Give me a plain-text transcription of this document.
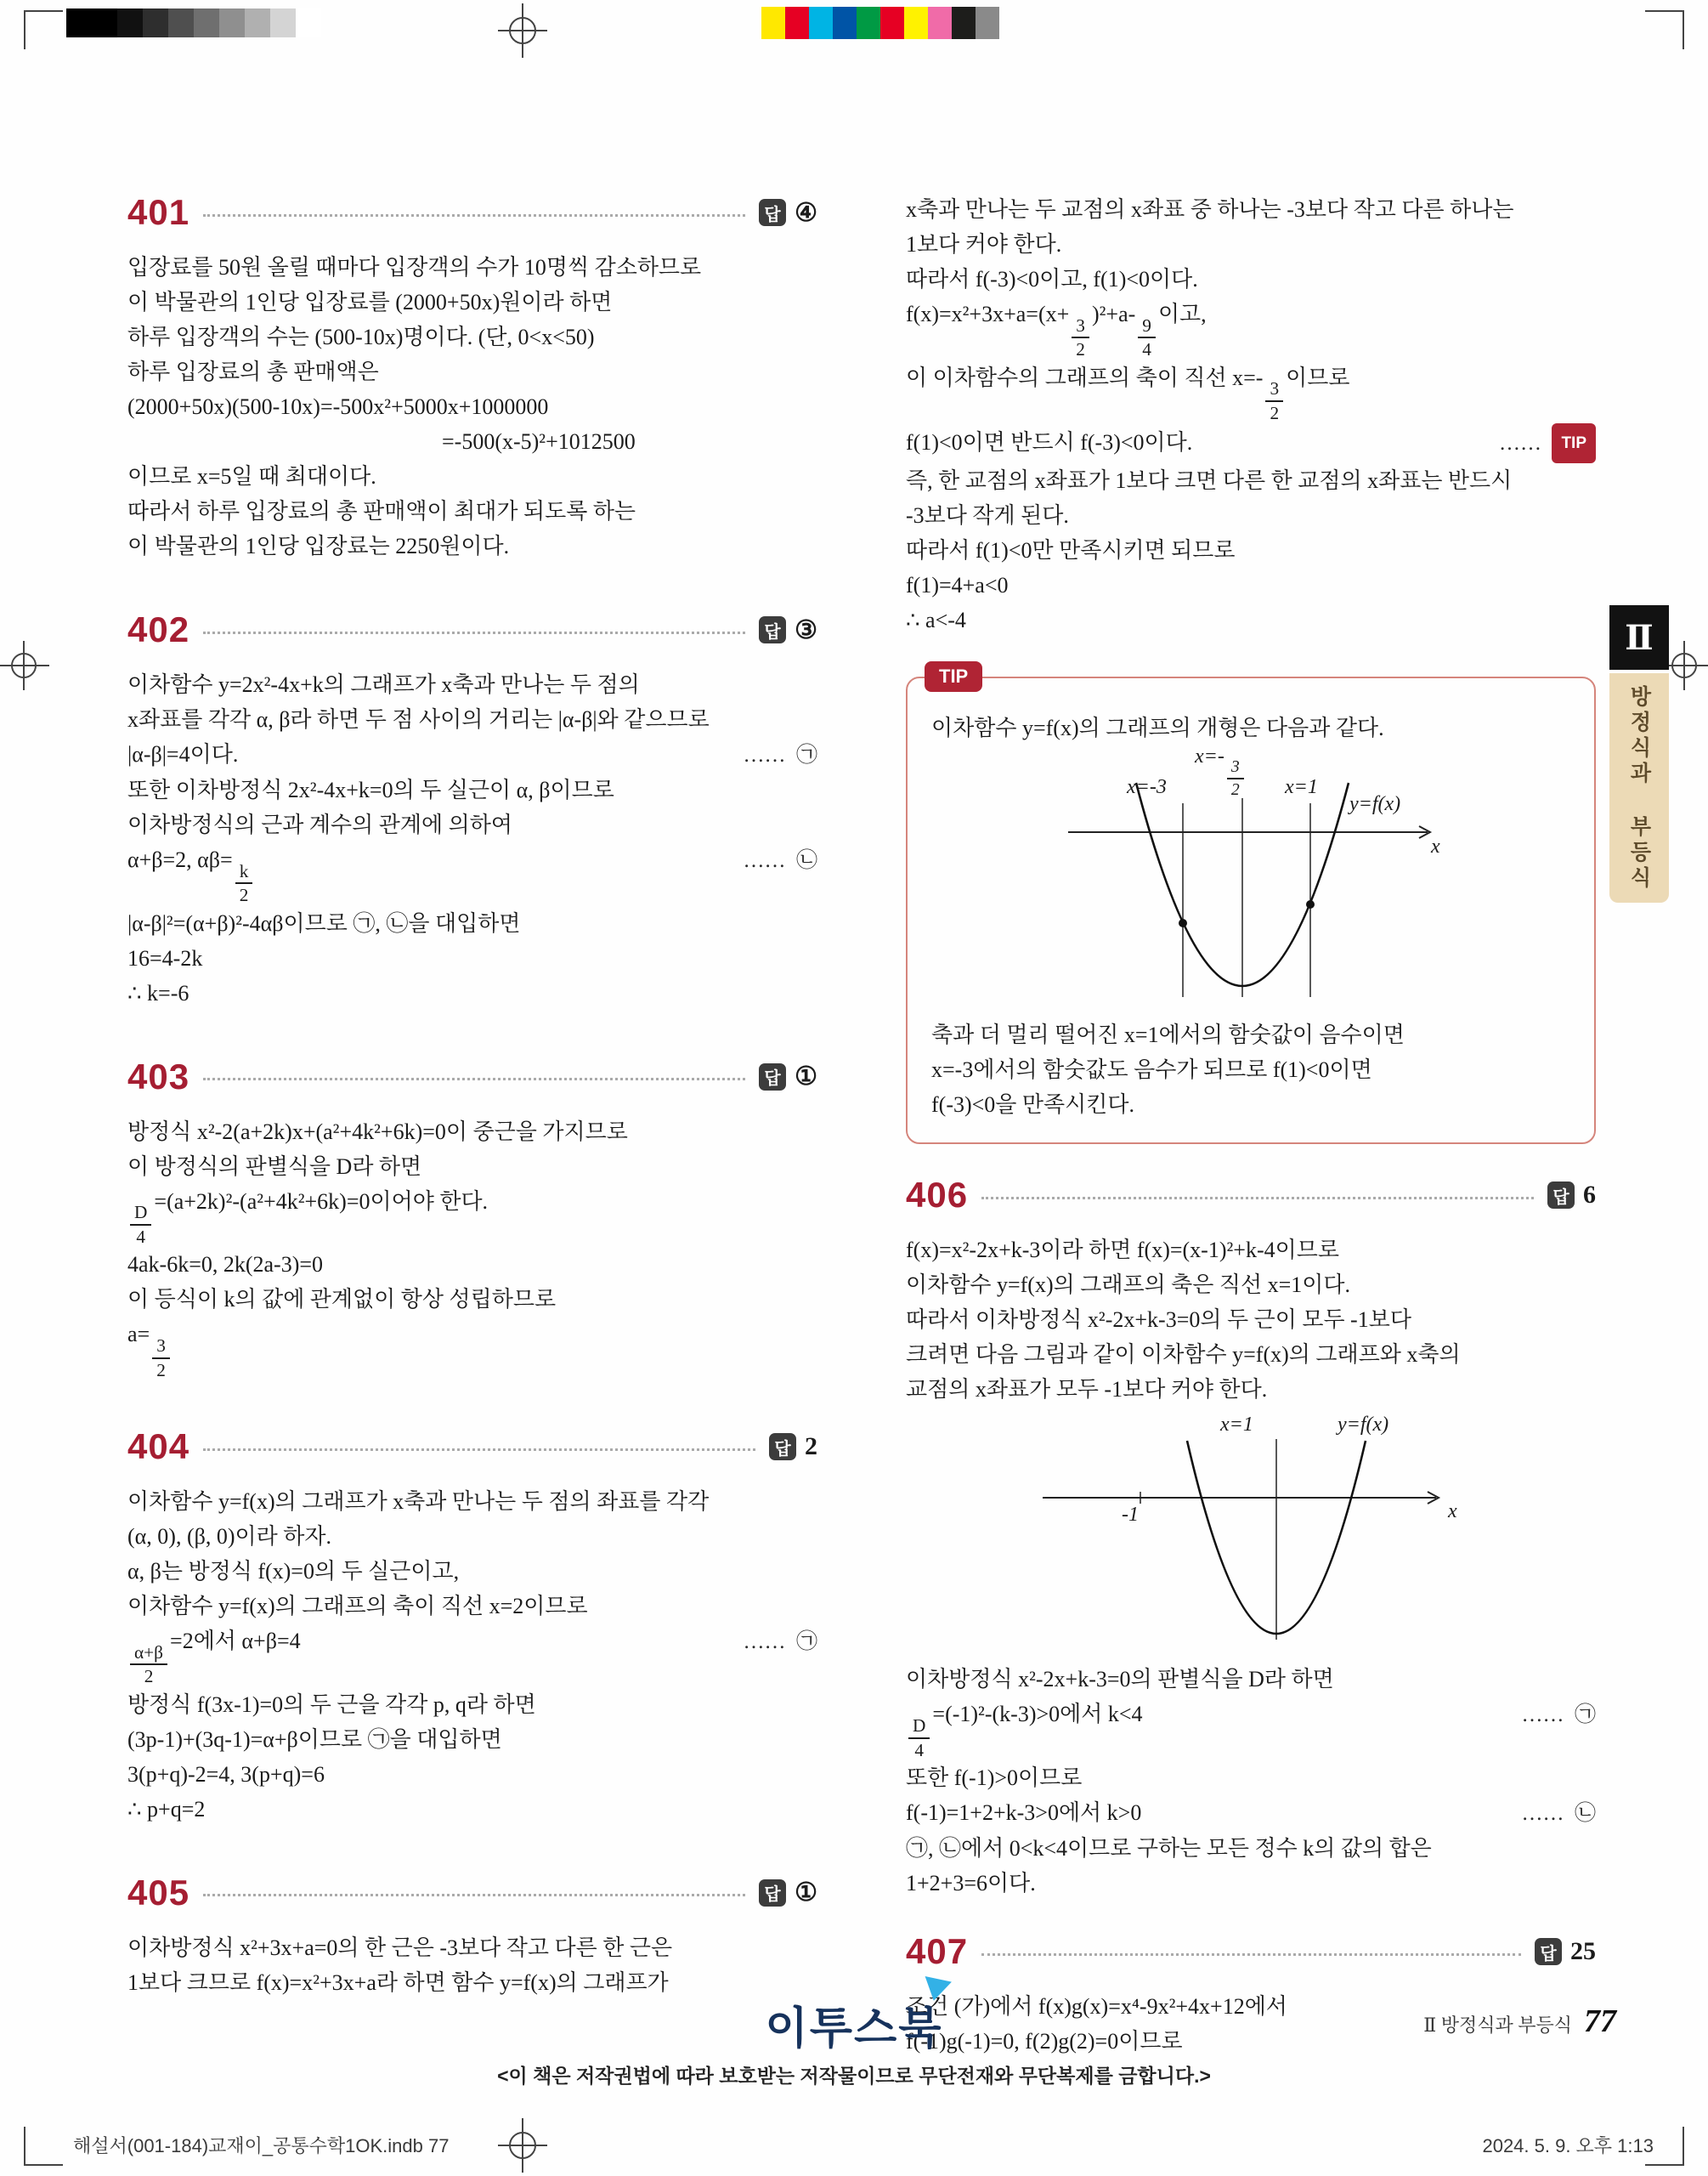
401	답 ④
입장료를 50원 올릴 때마다 입장객의 수가 10명씩 감소하므로
이 박물관의 1인당 입장료를 (2000+50x)원이라 하면
하루 입장객의 수는 (500-10x)명이다. (단, 0<x<50)
하루 입장료의 총 판매액은
(2000+50x)(500-10x)=-500x²+5000x+1000000
=-500(x-5)²+1012500
이므로 x=5일 때 최대이다.
따라서 하루 입장료의 총 판매액이 최대가 되도록 하는
이 박물관의 1인당 입장료는 2250원이다.
402	답 ③
이차함수 y=2x²-4x+k의 그래프가 x축과 만나는 두 점의
x좌표를 각각 α, β라 하면 두 점 사이의 거리는 |α-β|와 같으므로
|α-β|=4이다.	…… ㉠
또한 이차방정식 2x²-4x+k=0의 두 실근이 α, β이므로
이차방정식의 근과 계수의 관계에 의하여
α+β=2, αβ=
$\frac{k}{2}$
…… ㉡
|α-β|²=(α+β)²-4αβ이므로 ㉠, ㉡을 대입하면
16=4-2k
∴ k=-6
403	답 ①
방정식 x²-2(a+2k)x+(a²+4k²+6k)=0이 중근을 가지므로
이 방정식의 판별식을 D라 하면
$\frac{D}{4}$
=(a+2k)²-(a²+4k²+6k)=0이어야 한다.
4ak-6k=0, 2k(2a-3)=0
이 등식이 k의 값에 관계없이 항상 성립하므로
a=
$\frac{3}{2}$
404	답 2
이차함수 y=f(x)의 그래프가 x축과 만나는 두 점의 좌표를 각각
(α, 0), (β, 0)이라 하자.
α, β는 방정식 f(x)=0의 두 실근이고,
이차함수 y=f(x)의 그래프의 축이 직선 x=2이므로
$\frac{\alpha+\beta}{2}$
=2에서 α+β=4	…… ㉠
방정식 f(3x-1)=0의 두 근을 각각 p, q라 하면
(3p-1)+(3q-1)=α+β이므로 ㉠을 대입하면
3(p+q)-2=4, 3(p+q)=6
∴ p+q=2
405	답 ①
이차방정식 x²+3x+a=0의 한 근은 -3보다 작고 다른 한 근은
1보다 크므로 f(x)=x²+3x+a라 하면 함수 y=f(x)의 그래프가
x축과 만나는 두 교점의 x좌표 중 하나는 -3보다 작고 다른 하나는
1보다 커야 한다.
따라서 f(-3)<0이고, f(1)<0이다.
f(x)=x²+3x+a=(x+
$\frac{3}{2}$
)²+a-
$\frac{9}{4}$
이고,
이 이차함수의 그래프의 축이 직선 x=-
$\frac{3}{2}$
이므로
f(1)<0이면 반드시 f(-3)<0이다.	…… TIP
즉, 한 교점의 x좌표가 1보다 크면 다른 한 교점의 x좌표는 반드시
-3보다 작게 된다.
따라서 f(1)<0만 만족시키면 되므로
f(1)=4+a<0
∴ a<-4
TIP
이차함수 y=f(x)의 그래프의 개형은 다음과 같다.
x=-
$\frac{3}{2}$
x=-3	x=1
y=f(x)
x
축과 더 멀리 떨어진 x=1에서의 함숫값이 음수이면
x=-3에서의 함숫값도 음수가 되므로 f(1)<0이면
f(-3)<0을 만족시킨다.
406	답 6
f(x)=x²-2x+k-3이라 하면 f(x)=(x-1)²+k-4이므로
이차함수 y=f(x)의 그래프의 축은 직선 x=1이다.
따라서 이차방정식 x²-2x+k-3=0의 두 근이 모두 -1보다
크려면 다음 그림과 같이 이차함수 y=f(x)의 그래프와 x축의
교점의 x좌표가 모두 -1보다 커야 한다.
x=1	y=f(x)
-1	x
이차방정식 x²-2x+k-3=0의 판별식을 D라 하면
$\frac{D}{4}$
=(-1)²-(k-3)>0에서 k<4	…… ㉠
또한 f(-1)>0이므로
f(-1)=1+2+k-3>0에서 k>0	…… ㉡
㉠, ㉡에서 0<k<4이므로 구하는 모든 정수 k의 값의 합은
1+2+3=6이다.
407	답 25
조건 (가)에서 f(x)g(x)=x⁴-9x²+4x+12에서
f(-1)g(-1)=0, f(2)g(2)=0이므로
Ⅱ
방정식과 부등식
이투스북
<이 책은 저작권법에 따라 보호받는 저작물이므로 무단전재와 무단복제를 금합니다.>
Ⅱ 방정식과 부등식 77
해설서(001-184)교재이_공통수학1OK.indb 77	2024. 5. 9. 오후 1:13
